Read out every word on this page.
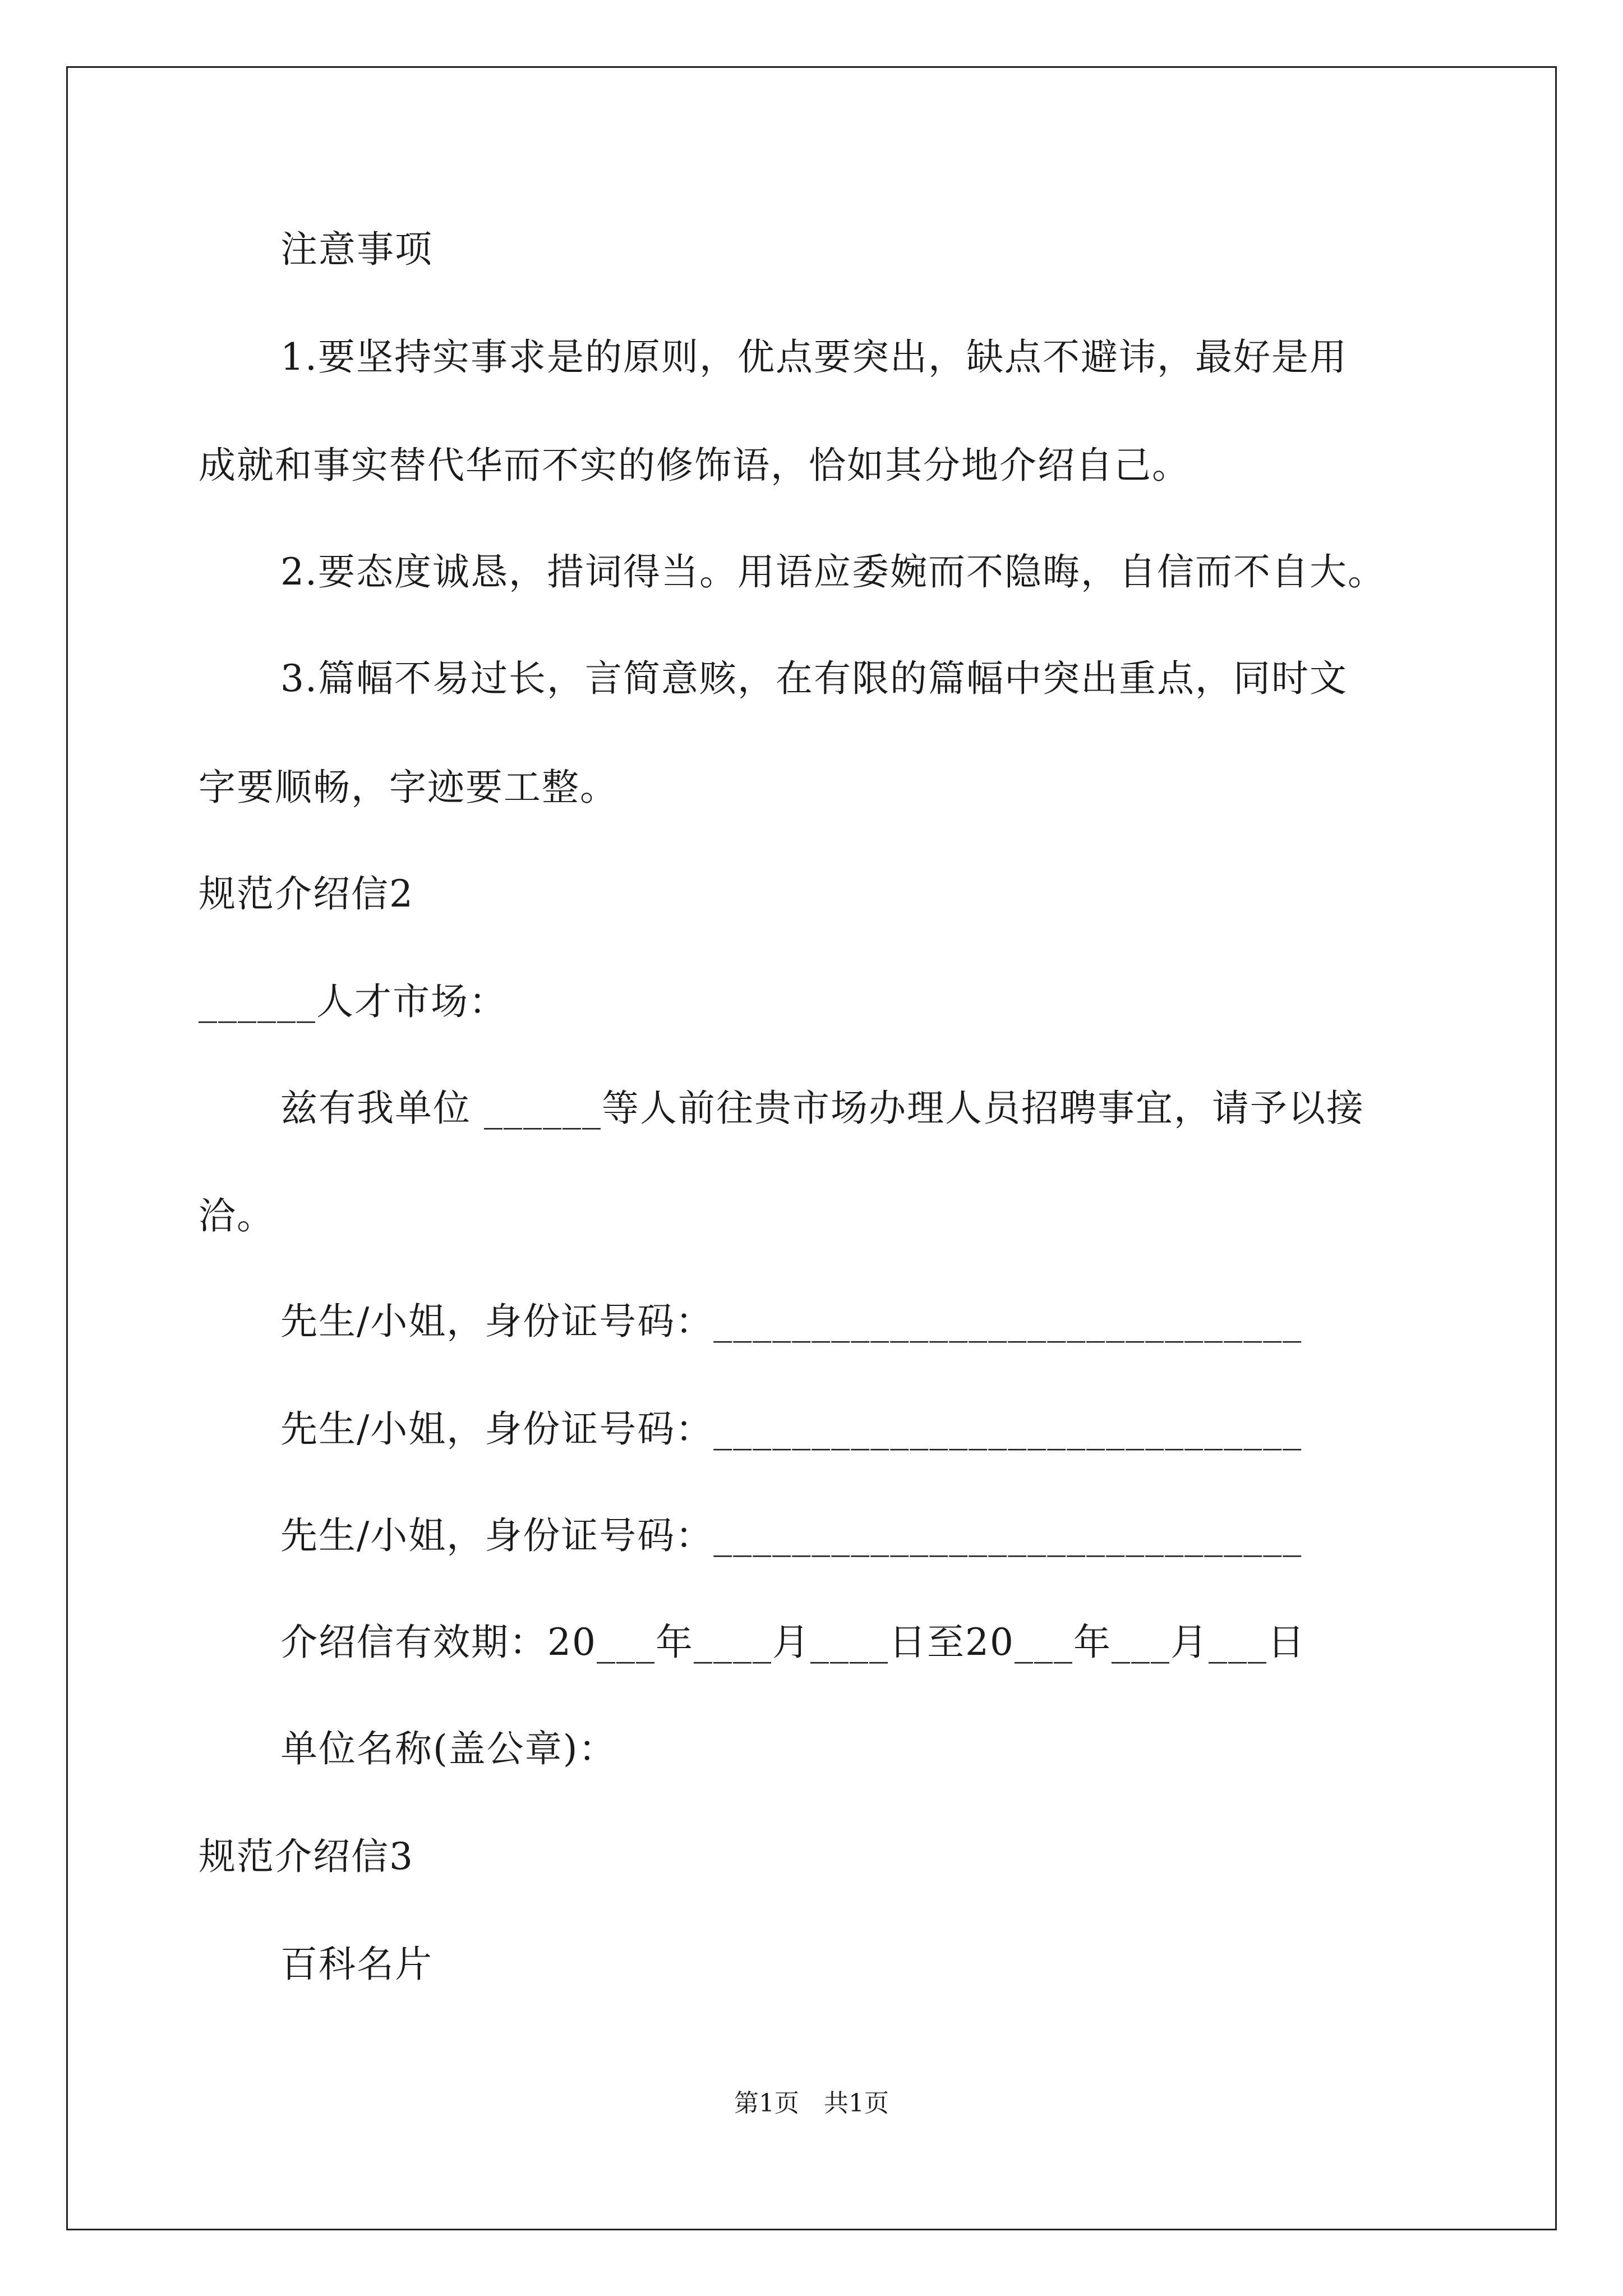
注意事项
1.要坚持实事求是的原则，优点要突出，缺点不避讳，最好是用
成就和事实替代华而不实的修饰语，恰如其分地介绍自己。
2.要态度诚恳，措词得当。用语应委婉而不隐晦，自信而不自大。
3.篇幅不易过长，言简意赅，在有限的篇幅中突出重点，同时文
字要顺畅，字迹要工整。
规范介绍信2
______人才市场：
兹有我单位 ______等人前往贵市场办理人员招聘事宜，请予以接
洽。
先生/小姐，身份证号码：______________________________
先生/小姐，身份证号码：______________________________
先生/小姐，身份证号码：______________________________
介绍信有效期：20___年____月____日至20___年___月___日
单位名称(盖公章)：
规范介绍信3
百科名片
第1页　共1页
